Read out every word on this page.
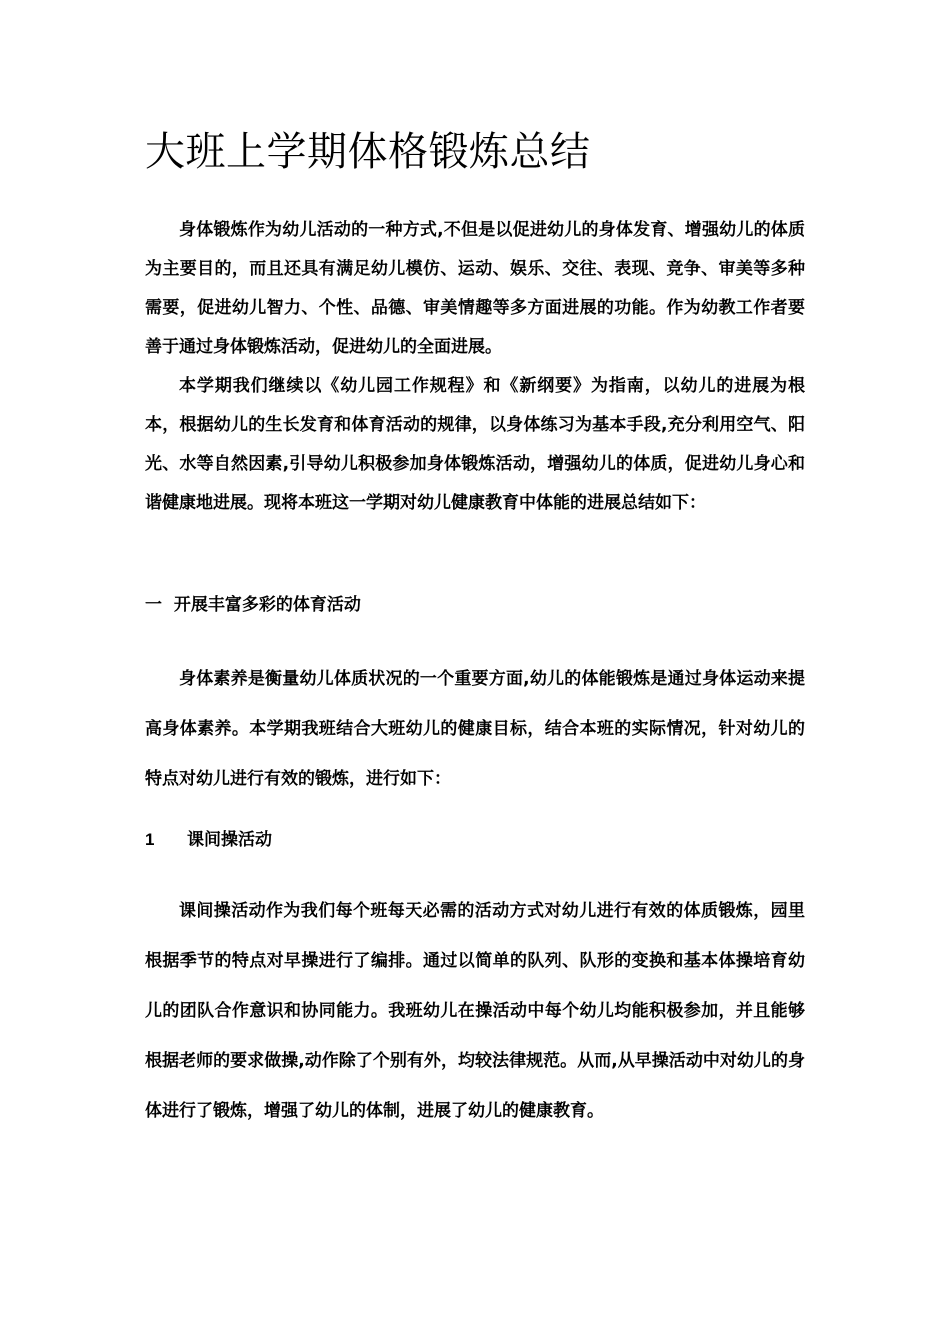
大班上学期体格锻炼总结

身体锻炼作为幼儿活动的一种方式,不但是以促进幼儿的身体发育、增强幼儿的体质为主要目的，而且还具有满足幼儿模仿、运动、娱乐、交往、表现、竞争、审美等多种需要，促进幼儿智力、个性、品德、审美情趣等多方面进展的功能。作为幼教工作者要善于通过身体锻炼活动，促进幼儿的全面进展。

本学期我们继续以《幼儿园工作规程》和《新纲要》为指南，以幼儿的进展为根本，根据幼儿的生长发育和体育活动的规律，以身体练习为基本手段,充分利用空气、阳光、水等自然因素,引导幼儿积极参加身体锻炼活动，增强幼儿的体质，促进幼儿身心和谐健康地进展。现将本班这一学期对幼儿健康教育中体能的进展总结如下：

一  开展丰富多彩的体育活动

身体素养是衡量幼儿体质状况的一个重要方面,幼儿的体能锻炼是通过身体运动来提高身体素养。本学期我班结合大班幼儿的健康目标，结合本班的实际情况，针对幼儿的特点对幼儿进行有效的锻炼，进行如下：

1 课间操活动

课间操活动作为我们每个班每天必需的活动方式对幼儿进行有效的体质锻炼，园里根据季节的特点对早操进行了编排。通过以简单的队列、队形的变换和基本体操培育幼儿的团队合作意识和协同能力。我班幼儿在操活动中每个幼儿均能积极参加，并且能够根据老师的要求做操,动作除了个别有外，均较法律规范。从而,从早操活动中对幼儿的身体进行了锻炼，增强了幼儿的体制，进展了幼儿的健康教育。
